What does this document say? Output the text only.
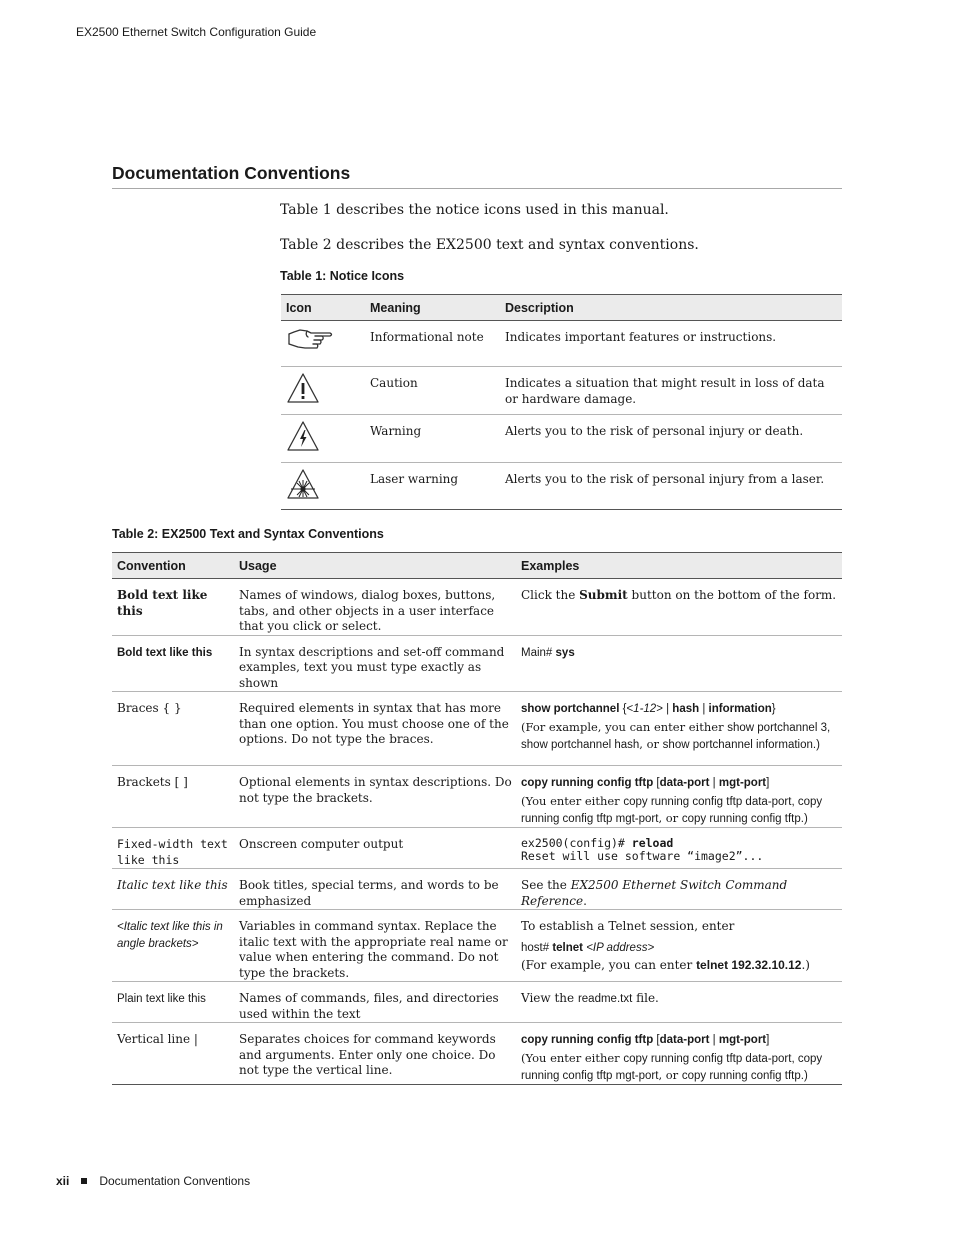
EX2500 Ethernet Switch Configuration Guide
Documentation Conventions
Table 1 describes the notice icons used in this manual.
Table 2 describes the EX2500 text and syntax conventions.
Table 1: Notice Icons
Icon	Meaning	Description
	Informational note	Indicates important features or instructions.
	Caution	Indicates a situation that might result in loss of data or hardware damage.
	Warning	Alerts you to the risk of personal injury or death.
	Laser warning	Alerts you to the risk of personal injury from a laser.
Table 2: EX2500 Text and Syntax Conventions
Convention	Usage	Examples
Bold text like this	Names of windows, dialog boxes, buttons, tabs, and other objects in a user interface that you click or select.	Click the Submit button on the bottom of the form.
Bold text like this	In syntax descriptions and set-off command examples, text you must type exactly as shown	Main# sys
Braces { }	Required elements in syntax that has more than one option. You must choose one of the options. Do not type the braces.	show portchannel {<1-12> | hash | information}
(For example, you can enter either show portchannel 3, show portchannel hash, or show portchannel information.)

Brackets [ ]	Optional elements in syntax descriptions. Do not type the brackets.	copy running config tftp [data-port | mgt-port]
(You enter either copy running config tftp data-port, copy running config tftp mgt-port, or copy running config tftp.)

Fixed-width text
like this	Onscreen computer output	ex2500(config)# reload
Reset will use software “image2”...

Italic text like this	Book titles, special terms, and words to be emphasized	See the EX2500 Ethernet Switch Command Reference.
<Italic text like this in angle brackets>	Variables in command syntax. Replace the italic text with the appropriate real name or value when entering the command. Do not type the brackets.	To establish a Telnet session, enter
host# telnet <IP address>
(For example, you can enter telnet 192.32.10.12.)

Plain text like this	Names of commands, files, and directories used within the text	View the readme.txt file.
Vertical line |	Separates choices for command keywords and arguments. Enter only one choice. Do not type the vertical line.	copy running config tftp [data-port | mgt-port]
(You enter either copy running config tftp data-port, copy running config tftp mgt-port, or copy running config tftp.)
xii	Documentation Conventions
